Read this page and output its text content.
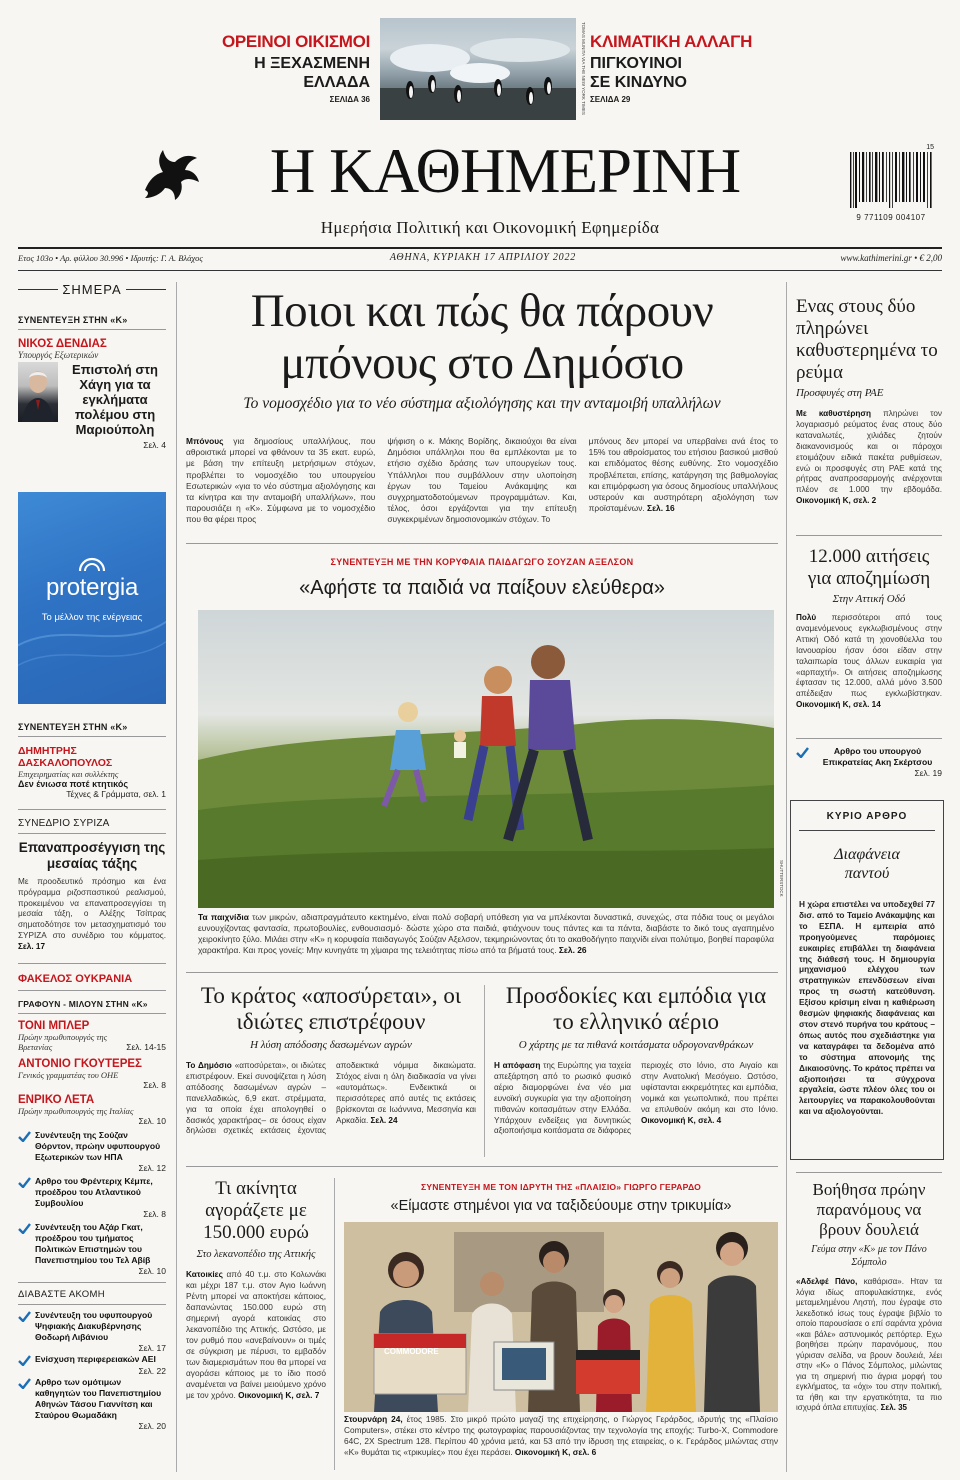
ΟΡΕΙΝΟΙ ΟΙΚΙΣΜΟΙ
Η ΞΕΧΑΣΜΕΝΗ
ΕΛΛΑΔΑ
ΣΕΛΙΔΑ 36	TOMAS MUNITA VIA THE NEW YORK TIMES ΚΛΙΜΑΤΙΚΗ ΑΛΛΑΓΗ
ΠΙΓΚΟΥΙΝΟΙ
ΣΕ ΚΙΝΔΥΝΟ
ΣΕΛΙΔΑ 29
Η ΚΑΘΗΜΕΡΙΝΗ
Ημερήσια Πολιτική και Οικονομική Εφημερίδα
15
9 771109 004107
Ετος 103ο • Αρ. φύλλου 30.996 • Ιδρυτής: Γ. Α. Βλάχος	ΑΘΗΝΑ, ΚΥΡΙΑΚΗ 17 ΑΠΡΙΛΙΟΥ 2022	www.kathimerini.gr • € 2,00
ΣΗΜΕΡΑ
ΣΥΝΕΝΤΕΥΞΗ ΣΤΗΝ «Κ»
ΝΙΚΟΣ ΔΕΝΔΙΑΣ
Υπουργός Εξωτερικών
Επιστολή στη Χάγη για τα εγκλήματα πολέμου στη Μαριούπολη
Σελ. 4
protergia
Το μέλλον της ενέργειας
ΣΥΝΕΝΤΕΥΞΗ ΣΤΗΝ «Κ»
ΔΗΜΗΤΡΗΣ ΔΑΣΚΑΛΟΠΟΥΛΟΣ
Επιχειρηματίας και συλλέκτης
Δεν ένιωσα ποτέ κτητικός
Τέχνες & Γράμματα, σελ. 1
ΣΥΝΕΔΡΙΟ ΣΥΡΙΖΑ
Επαναπροσέγγιση της μεσαίας τάξης
Με προοδευτικό πρόσημο και ένα πρόγραμμα ριζοσπαστικού ρεαλισμού, προκειμένου να επαναπροσεγγίσει τη μεσαία τάξη, ο Αλέξης Τσίπρας σηματοδότησε τον μετασχηματισμό του ΣΥΡΙΖΑ στο συνέδριο του κόμματος. Σελ. 17
ΦΑΚΕΛΟΣ ΟΥΚΡΑΝΙΑ
ΓΡΑΦΟΥΝ - ΜΙΛΟΥΝ ΣΤΗΝ «Κ»
ΤΟΝΙ ΜΠΛΕΡ
Πρώην πρωθυπουργός της Βρετανίας	Σελ. 14-15
ΑΝΤΟΝΙΟ ΓΚΟΥΤΕΡΕΣ
Γενικός γραμματέας του ΟΗΕ
Σελ. 8
ΕΝΡΙΚΟ ΛΕΤΑ
Πρώην πρωθυπουργός της Ιταλίας
Σελ. 10
Συνέντευξη της Σούζαν Θόρντον, πρώην υφυπουργού Εξωτερικών των ΗΠΑ
Σελ. 12
Αρθρο του Φρέντεριχ Κέμπε, προέδρου του Ατλαντικού Συμβουλίου
Σελ. 8
Συνέντευξη του Αζάρ Γκατ, προέδρου του τμήματος Πολιτικών Επιστημών του Πανεπιστημίου του Τελ Αβίβ
Σελ. 10
ΔΙΑΒΑΣΤΕ ΑΚΟΜΗ
Συνέντευξη του υφυπουργού Ψηφιακής Διακυβέρνησης Θοδωρή Λιβάνιου
Σελ. 17
Ενίσχυση περιφερειακών ΑΕΙ
Σελ. 22
Αρθρο των ομότιμων καθηγητών του Πανεπιστημίου Αθηνών Τάσου Γιαννίτση και Σταύρου Θωμαδάκη
Σελ. 20
Ποιοι και πώς θα πάρουν
μπόνους στο Δημόσιο
Το νομοσχέδιο για το νέο σύστημα αξιολόγησης και την ανταμοιβή υπαλλήλων
Μπόνους για δημοσίους υπαλλήλους, που αθροιστικά μπορεί να φθάνουν τα 35 εκατ. ευρώ, με βάση την επίτευξη μετρήσιμων στόχων, προβλέπει το νομοσχέδιο του υπουργείου Εσωτερικών «για το νέο σύστημα αξιολόγησης και τα κίνητρα και την ανταμοιβή υπαλλήλων», που παρουσιάζει η «Κ». Σύμφωνα με το νομοσχέδιο που θα φέρει προς
ψήφιση ο κ. Μάκης Βορίδης, δικαιούχοι θα είναι Δημόσιοι υπάλληλοι που θα εμπλέκονται με το ετήσιο σχέδιο δράσης των υπουργείων τους. Υπάλληλοι που συμβάλλουν στην υλοποίηση έργων του Ταμείου Ανάκαμψης και συγχρηματοδοτούμενων προγραμμάτων. Και, τέλος, όσοι εργάζονται για την επίτευξη συγκεκριμένων δημοσιονομικών στόχων. Το
μπόνους δεν μπορεί να υπερβαίνει ανά έτος το 15% του αθροίσματος του ετήσιου βασικού μισθού και επιδόματος θέσης ευθύνης. Στο νομοσχέδιο προβλέπεται, επίσης, κατάργηση της βαθμολογίας και επιμόρφωση για όσους δημοσίους υπαλλήλους υστερούν και αυστηρότερη αξιολόγηση των προϊσταμένων. Σελ. 16
ΣΥΝΕΝΤΕΥΞΗ ΜΕ ΤΗΝ ΚΟΡΥΦΑΙΑ ΠΑΙΔΑΓΩΓΟ ΣΟΥΖΑΝ ΑΞΕΛΣΟΝ
«Αφήστε τα παιδιά να παίξουν ελεύθερα»
SHUTTERSTOCK
Τα παιχνίδια των μικρών, αδιαπραγμάτευτο κεκτημένο, είναι πολύ σοβαρή υπόθεση για να μπλέκονται δυναστικά, συνεχώς, στα πόδια τους οι μεγάλοι ευνουχίζοντας φαντασία, πρωτοβουλίες, ενθουσιασμό· δώστε χώρο στα παιδιά, φτιάχνουν τους πάντες και τα πάντα, διαβάστε το δικό τους αγαπημένο χειροκίνητο ξύλο. Μιλάει στην «Κ» η κορυφαία παιδαγωγός Σούζαν Αξελσον, τεκμηριώνοντας ότι το ακαθοδήγητο παιχνίδι είναι πολύτιμο, βοηθεί παραφύλα χαρακτήρα. Και προς γονείς: Μην κυνηγάτε τη χίμαιρα της τελειότητας πίσω από τα βήματά τους. Σελ. 26
Το κράτος «αποσύρεται», οι ιδιώτες επιστρέφουν
Η λύση απόδοσης δασωμένων αγρών
Το Δημόσιο «αποσύρεται», οι ιδιώτες επιστρέφουν. Εκεί συνοψίζεται η λύση απόδοσης δασωμένων αγρών –πανελλαδικώς, 6,9 εκατ. στρέμματα, για τα οποία έχει απολογηθεί ο δασικός χαρακτήρας– σε όσους είχαν δηλώσει σχετικές εκτάσεις έχοντας αποδεικτικά νόμιμα δικαιώματα. Στόχος είναι η όλη διαδικασία να γίνει «αυτομάτως». Ενδεικτικά οι περισσότερες από αυτές τις εκτάσεις βρίσκονται σε Ιωάννινα, Μεσσηνία και Αρκαδία. Σελ. 24
Προσδοκίες και εμπόδια για το ελληνικό αέριο
Ο χάρτης με τα πιθανά κοιτάσματα υδρογονανθράκων
Η απόφαση της Ευρώπης για ταχεία απεξάρτηση από το ρωσικό φυσικό αέριο διαμορφώνει ένα νέο μια ευνοϊκή συγκυρία για την αξιοποίηση πιθανών κοιτασμάτων στην Ελλάδα. Υπάρχουν ενδείξεις για δυνητικώς αξιοποιήσιμα κοιτάσματα σε διάφορες περιοχές στο Ιόνιο, στο Αιγαίο και στην Ανατολική Μεσόγειο. Ωστόσο, υφίστανται εκκρεμότητες και εμπόδια, νομικά και γεωπολιτικά, που πρέπει να επιλυθούν ακόμη και στο Ιόνιο. Οικονομική Κ, σελ. 4
Τι ακίνητα αγοράζετε με 150.000 ευρώ
Στο λεκανοπέδιο της Αττικής
Κατοικίες από 40 τ.μ. στο Κολωνάκι και μέχρι 187 τ.μ. στον Αγιο Ιωάννη Ρέντη μπορεί να αποκτήσει κάποιος, δαπανώντας 150.000 ευρώ στη σημερινή αγορά κατοικίας στο λεκανοπέδιο της Αττικής. Ωστόσο, με τον ρυθμό που «ανεβαίνουν» οι τιμές σε σύγκριση με πέρυσι, το εμβαδόν των διαμερισμάτων που θα μπορεί να αγοράσει κάποιος με το ίδιο ποσό αναμένεται να βαίνει μειούμενο χρόνο με τον χρόνο. Οικονομική Κ, σελ. 7
ΣΥΝΕΝΤΕΥΞΗ ΜΕ ΤΟΝ ΙΔΡΥΤΗ ΤΗΣ «ΠΛΑΙΣΙΟ» ΓΙΩΡΓΟ ΓΕΡΑΡΔΟ
«Είμαστε στημένοι για να ταξιδεύουμε στην τρικυμία»
COMMODORE
Στουρνάρη 24, έτος 1985. Στο μικρό πρώτο μαγαζί της επιχείρησης, ο Γιώργος Γεράρδος, ιδρυτής της «Πλαίσιο Computers», στέκει στο κέντρο της φωτογραφίας παρουσιάζοντας την τεχνολογία της εποχής: Turbo-X, Commodore 64C, 2X Spectrum 128. Περίπου 40 χρόνια μετά, και 53 από την ίδρυση της εταιρείας, ο κ. Γεράρδος μιλώντας στην «Κ» θυμάται τις «τρικυμίες» που έχει περάσει. Οικονομική Κ, σελ. 6
Ενας στους δύο πληρώνει καθυστερημένα το ρεύμα
Προσφυγές στη ΡΑΕ
Με καθυστέρηση πληρώνει τον λογαριασμό ρεύματος ένας στους δύο καταναλωτές, χιλιάδες ζητούν διακανονισμούς και οι πάροχοι ετοιμάζουν ειδικά πακέτα ρυθμίσεων, ενώ οι προσφυγές στη ΡΑΕ κατά της ρήτρας αναπροσαρμογής ανέρχονται πλέον σε 1.000 την εβδομάδα. Οικονομική Κ, σελ. 2
12.000 αιτήσεις για αποζημίωση
Στην Αττική Οδό
Πολύ περισσότεροι από τους αναμενόμενους εγκλωβισμένους στην Αττική Οδό κατά τη χιονοθύελλα του Ιανουαρίου ήσαν όσοι είδαν στην ταλαιπωρία τους άλλων ευκαιρία για «αρπαχτή». Οι αιτήσεις αποζημίωσης έφτασαν τις 12.000, αλλά μόνο 3.500 απέδειξαν πως εγκλωβίστηκαν. Οικονομική Κ, σελ. 14
Αρθρο του υπουργού Επικρατείας Ακη Σκέρτσου
Σελ. 19
ΚΥΡΙΟ ΑΡΘΡΟ
Διαφάνεια παντού
Η χώρα επιστέλει να υποδεχθεί 77 δισ. από το Ταμείο Ανάκαμψης και το ΕΣΠΑ. Η εμπειρία από προηγούμενες παρόμοιες ευκαιρίες επιβάλλει τη διαφάνεια της διάθεσή τους. Η δημιουργία μηχανισμού ελέγχου των στρατηγικών επενδύσεων είναι προς τη σωστή κατεύθυνση. Εξίσου κρίσιμη είναι η καθιέρωση θεσμών ψηφιακής διαφάνειας και στον στενό πυρήνα του κράτους – όπως αυτός που σχεδιάστηκε για να καταγράφει τα δεδομένα από το σύστημα απονομής της Δικαιοσύνης. Το κράτος πρέπει να αξιοποιήσει τα σύγχρονα εργαλεία, ώστε πλέον όλες του οι λειτουργίες να παρακολουθούνται και να αξιολογούνται.
Βοήθησα πρώην παρανόμους να βρουν δουλειά
Γεύμα στην «Κ» με τον Πάνο Σόμπολο
«Αδελφέ Πάνο, καθάρισα». Ηταν τα λόγια ιδίως αποφυλακίστηκε, ενός μεταμελημένου Ληστή, που έγραψε στο λεκεδοτικό ίσως τους έγραψε βιβλίο το οποίο παρουσίασε ο επί σαράντα χρόνια «και βάλε» αστυνομικός ρεπόρτερ. Εχω βοηθήσει πρώην παρανόμους, που γύρισαν σελίδα, να βρουν δουλειά, λέει στην «Κ» ο Πάνος Σόμπολος, μιλώντας για τη σημερινή πιο άγρια μορφή του εγκλήματος, τα «όχι» του στην πολιτική, τα ήθη και την εργατικότητα, τα πιο ισχυρά όπλα επιτυχίας. Σελ. 35
